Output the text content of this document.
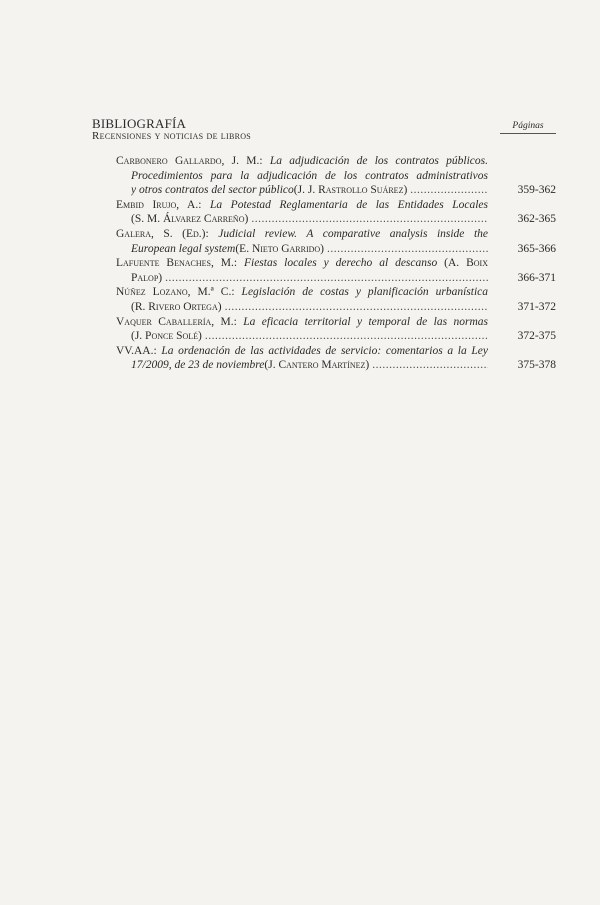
BIBLIOGRAFÍA
Recensiones y noticias de libros
Páginas
Carbonero Gallardo, J. M.: La adjudicación de los contratos públicos.
Procedimientos para la adjudicación de los contratos administrativos
y otros contratos del sector público (J. J. Rastrollo Suárez) .....	359-362
Embid Irujo, A.: La Potestad Reglamentaria de las Entidades Locales
(S. M. Álvarez Carreño) .....	362-365
Galera, S. (Ed.): Judicial review. A comparative analysis inside the
European legal system (E. Nieto Garrido) .....	365-366
Lafuente Benaches, M.: Fiestas locales y derecho al descanso (A. Boix
Palop) .....	366-371
Núñez Lozano, M.ª C.: Legislación de costas y planificación urbanística
(R. Rivero Ortega) .....	371-372
Vaquer Caballería, M.: La eficacia territorial y temporal de las normas
(J. Ponce Solé) .....	372-375
VV.AA.: La ordenación de las actividades de servicio: comentarios a la Ley
17/2009, de 23 de noviembre (J. Cantero Martínez) .....	375-378
